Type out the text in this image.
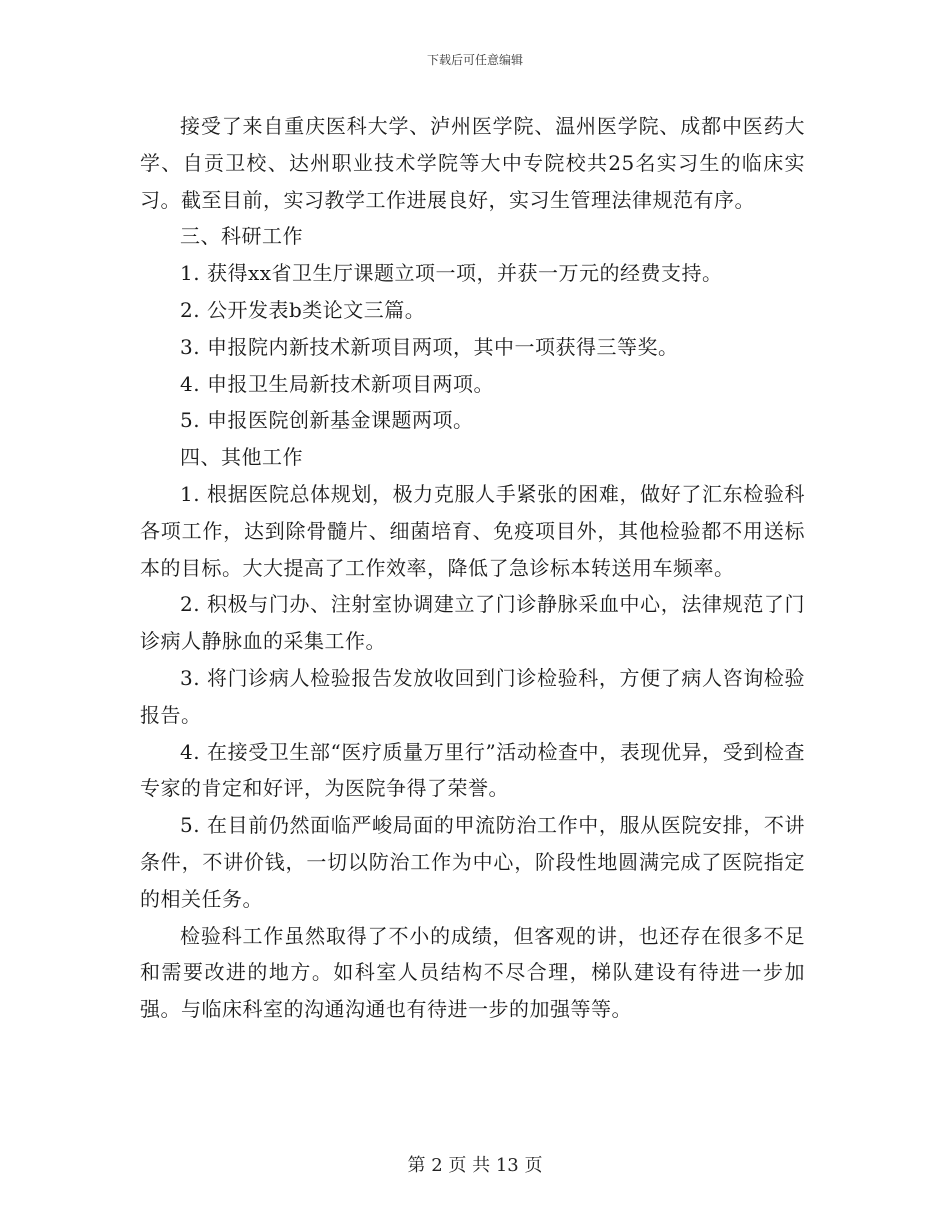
下载后可任意编辑

接受了来自重庆医科大学、泸州医学院、温州医学院、成都中医药大学、自贡卫校、达州职业技术学院等大中专院校共25名实习生的临床实习。截至目前，实习教学工作进展良好，实习生管理法律规范有序。

三、科研工作

1. 获得xx省卫生厅课题立项一项，并获一万元的经费支持。

2. 公开发表b类论文三篇。

3. 申报院内新技术新项目两项，其中一项获得三等奖。

4. 申报卫生局新技术新项目两项。

5. 申报医院创新基金课题两项。

四、其他工作

1. 根据医院总体规划，极力克服人手紧张的困难，做好了汇东检验科各项工作，达到除骨髓片、细菌培育、免疫项目外，其他检验都不用送标本的目标。大大提高了工作效率，降低了急诊标本转送用车频率。

2. 积极与门办、注射室协调建立了门诊静脉采血中心，法律规范了门诊病人静脉血的采集工作。

3. 将门诊病人检验报告发放收回到门诊检验科，方便了病人咨询检验报告。

4. 在接受卫生部“医疗质量万里行”活动检查中，表现优异，受到检查专家的肯定和好评，为医院争得了荣誉。

5. 在目前仍然面临严峻局面的甲流防治工作中，服从医院安排，不讲条件，不讲价钱，一切以防治工作为中心，阶段性地圆满完成了医院指定的相关任务。

检验科工作虽然取得了不小的成绩，但客观的讲，也还存在很多不足和需要改进的地方。如科室人员结构不尽合理，梯队建设有待进一步加强。与临床科室的沟通沟通也有待进一步的加强等等。

第 2 页 共 13 页
